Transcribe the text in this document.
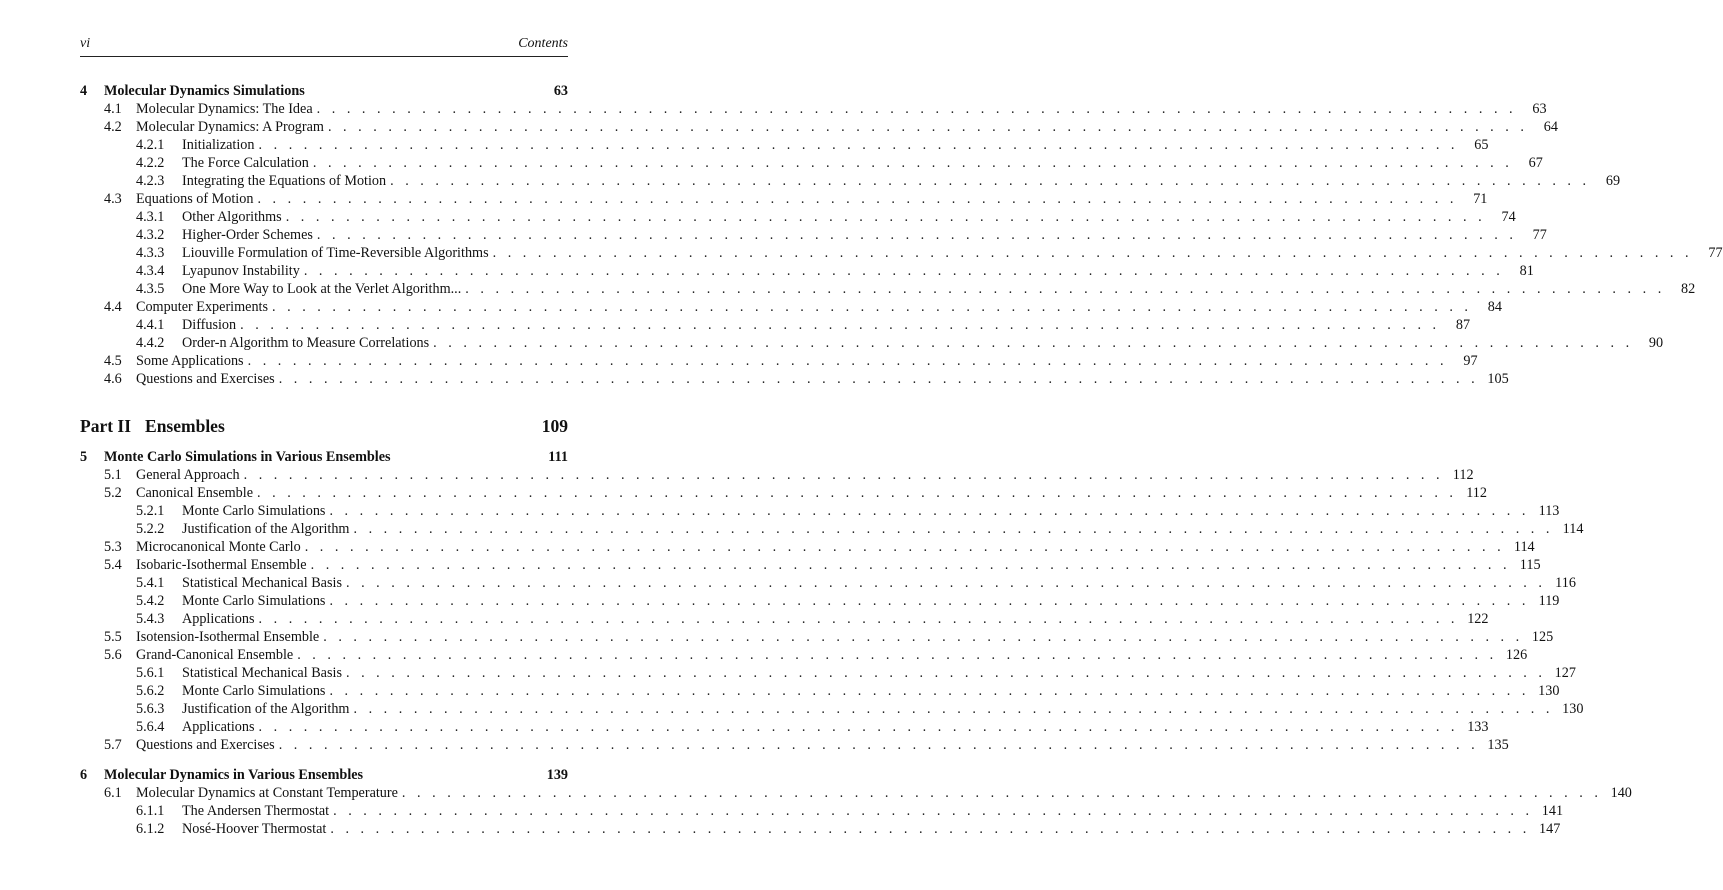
vi	Contents
4	Molecular Dynamics Simulations	63
4.1	Molecular Dynamics: The Idea . . . . . . . . . . . . . . . . . . . . . . . . . . . . . . . . . . . . . . . . . . . . . . . . . . . . . . . . . . . . . . . . . . . . . . . . . . . . . . . .	63
4.2	Molecular Dynamics: A Program . . . . . . . . . . . . . . . . . . . . . . . . . . . . . . . . . . . . . . . . . . . . . . . . . . . . . . . . . . . . . . . . . . . . . . . . . . . . . . . .	64
4.2.1	Initialization . . . . . . . . . . . . . . . . . . . . . . . . . . . . . . . . . . . . . . . . . . . . . . . . . . . . . . . . . . . . . . . . . . . . . . . . . . . . . . . .	65
4.2.2	The Force Calculation . . . . . . . . . . . . . . . . . . . . . . . . . . . . . . . . . . . . . . . . . . . . . . . . . . . . . . . . . . . . . . . . . . . . . . . . . . . . . . . .	67
4.2.3	Integrating the Equations of Motion . . . . . . . . . . . . . . . . . . . . . . . . . . . . . . . . . . . . . . . . . . . . . . . . . . . . . . . . . . . . . . . . . . . . . . . . . . . . . . . .	69
4.3	Equations of Motion . . . . . . . . . . . . . . . . . . . . . . . . . . . . . . . . . . . . . . . . . . . . . . . . . . . . . . . . . . . . . . . . . . . . . . . . . . . . . . . .	71
4.3.1	Other Algorithms . . . . . . . . . . . . . . . . . . . . . . . . . . . . . . . . . . . . . . . . . . . . . . . . . . . . . . . . . . . . . . . . . . . . . . . . . . . . . . . .	74
4.3.2	Higher-Order Schemes . . . . . . . . . . . . . . . . . . . . . . . . . . . . . . . . . . . . . . . . . . . . . . . . . . . . . . . . . . . . . . . . . . . . . . . . . . . . . . . .	77
4.3.3	Liouville Formulation of Time-Reversible Algorithms . . . . . . . . . . . . . . . . . . . . . . . . . . . . . . . . . . . . . . . . . . . . . . . . . . . . . . . . . . . . . . . . . . . . . . . . . . . . . . . .	77
4.3.4	Lyapunov Instability . . . . . . . . . . . . . . . . . . . . . . . . . . . . . . . . . . . . . . . . . . . . . . . . . . . . . . . . . . . . . . . . . . . . . . . . . . . . . . . .	81
4.3.5	One More Way to Look at the Verlet Algorithm... . . . . . . . . . . . . . . . . . . . . . . . . . . . . . . . . . . . . . . . . . . . . . . . . . . . . . . . . . . . . . . . . . . . . . . . . . . . . . . . .	82
4.4	Computer Experiments . . . . . . . . . . . . . . . . . . . . . . . . . . . . . . . . . . . . . . . . . . . . . . . . . . . . . . . . . . . . . . . . . . . . . . . . . . . . . . . .	84
4.4.1	Diffusion . . . . . . . . . . . . . . . . . . . . . . . . . . . . . . . . . . . . . . . . . . . . . . . . . . . . . . . . . . . . . . . . . . . . . . . . . . . . . . . .	87
4.4.2	Order-n Algorithm to Measure Correlations . . . . . . . . . . . . . . . . . . . . . . . . . . . . . . . . . . . . . . . . . . . . . . . . . . . . . . . . . . . . . . . . . . . . . . . . . . . . . . . .	90
4.5	Some Applications . . . . . . . . . . . . . . . . . . . . . . . . . . . . . . . . . . . . . . . . . . . . . . . . . . . . . . . . . . . . . . . . . . . . . . . . . . . . . . . .	97
4.6	Questions and Exercises . . . . . . . . . . . . . . . . . . . . . . . . . . . . . . . . . . . . . . . . . . . . . . . . . . . . . . . . . . . . . . . . . . . . . . . . . . . . . . . . 105
Part II Ensembles	109
5	Monte Carlo Simulations in Various Ensembles	111
5.1	General Approach . . . . . . . . . . . . . . . . . . . . . . . . . . . . . . . . . . . . . . . . . . . . . . . . . . . . . . . . . . . . . . . . . . . . . . . . . . . . . . . . 112
5.2	Canonical Ensemble . . . . . . . . . . . . . . . . . . . . . . . . . . . . . . . . . . . . . . . . . . . . . . . . . . . . . . . . . . . . . . . . . . . . . . . . . . . . . . . . 112
5.2.1	Monte Carlo Simulations . . . . . . . . . . . . . . . . . . . . . . . . . . . . . . . . . . . . . . . . . . . . . . . . . . . . . . . . . . . . . . . . . . . . . . . . . . . . . . . . 113
5.2.2	Justification of the Algorithm . . . . . . . . . . . . . . . . . . . . . . . . . . . . . . . . . . . . . . . . . . . . . . . . . . . . . . . . . . . . . . . . . . . . . . . . . . . . . . . . 114
5.3	Microcanonical Monte Carlo . . . . . . . . . . . . . . . . . . . . . . . . . . . . . . . . . . . . . . . . . . . . . . . . . . . . . . . . . . . . . . . . . . . . . . . . . . . . . . . . 114
5.4	Isobaric-Isothermal Ensemble . . . . . . . . . . . . . . . . . . . . . . . . . . . . . . . . . . . . . . . . . . . . . . . . . . . . . . . . . . . . . . . . . . . . . . . . . . . . . . . . 115
5.4.1	Statistical Mechanical Basis . . . . . . . . . . . . . . . . . . . . . . . . . . . . . . . . . . . . . . . . . . . . . . . . . . . . . . . . . . . . . . . . . . . . . . . . . . . . . . . . 116
5.4.2	Monte Carlo Simulations . . . . . . . . . . . . . . . . . . . . . . . . . . . . . . . . . . . . . . . . . . . . . . . . . . . . . . . . . . . . . . . . . . . . . . . . . . . . . . . . 119
5.4.3	Applications . . . . . . . . . . . . . . . . . . . . . . . . . . . . . . . . . . . . . . . . . . . . . . . . . . . . . . . . . . . . . . . . . . . . . . . . . . . . . . . . 122
5.5	Isotension-Isothermal Ensemble . . . . . . . . . . . . . . . . . . . . . . . . . . . . . . . . . . . . . . . . . . . . . . . . . . . . . . . . . . . . . . . . . . . . . . . . . . . . . . . . 125
5.6	Grand-Canonical Ensemble . . . . . . . . . . . . . . . . . . . . . . . . . . . . . . . . . . . . . . . . . . . . . . . . . . . . . . . . . . . . . . . . . . . . . . . . . . . . . . . . 126
5.6.1	Statistical Mechanical Basis . . . . . . . . . . . . . . . . . . . . . . . . . . . . . . . . . . . . . . . . . . . . . . . . . . . . . . . . . . . . . . . . . . . . . . . . . . . . . . . . 127
5.6.2	Monte Carlo Simulations . . . . . . . . . . . . . . . . . . . . . . . . . . . . . . . . . . . . . . . . . . . . . . . . . . . . . . . . . . . . . . . . . . . . . . . . . . . . . . . . 130
5.6.3	Justification of the Algorithm . . . . . . . . . . . . . . . . . . . . . . . . . . . . . . . . . . . . . . . . . . . . . . . . . . . . . . . . . . . . . . . . . . . . . . . . . . . . . . . . 130
5.6.4	Applications . . . . . . . . . . . . . . . . . . . . . . . . . . . . . . . . . . . . . . . . . . . . . . . . . . . . . . . . . . . . . . . . . . . . . . . . . . . . . . . . 133
5.7	Questions and Exercises . . . . . . . . . . . . . . . . . . . . . . . . . . . . . . . . . . . . . . . . . . . . . . . . . . . . . . . . . . . . . . . . . . . . . . . . . . . . . . . . 135
6	Molecular Dynamics in Various Ensembles	139
6.1	Molecular Dynamics at Constant Temperature . . . . . . . . . . . . . . . . . . . . . . . . . . . . . . . . . . . . . . . . . . . . . . . . . . . . . . . . . . . . . . . . . . . . . . . . . . . . . . . . 140
6.1.1	The Andersen Thermostat . . . . . . . . . . . . . . . . . . . . . . . . . . . . . . . . . . . . . . . . . . . . . . . . . . . . . . . . . . . . . . . . . . . . . . . . . . . . . . . . 141
6.1.2	Nosé-Hoover Thermostat . . . . . . . . . . . . . . . . . . . . . . . . . . . . . . . . . . . . . . . . . . . . . . . . . . . . . . . . . . . . . . . . . . . . . . . . . . . . . . . . 147
